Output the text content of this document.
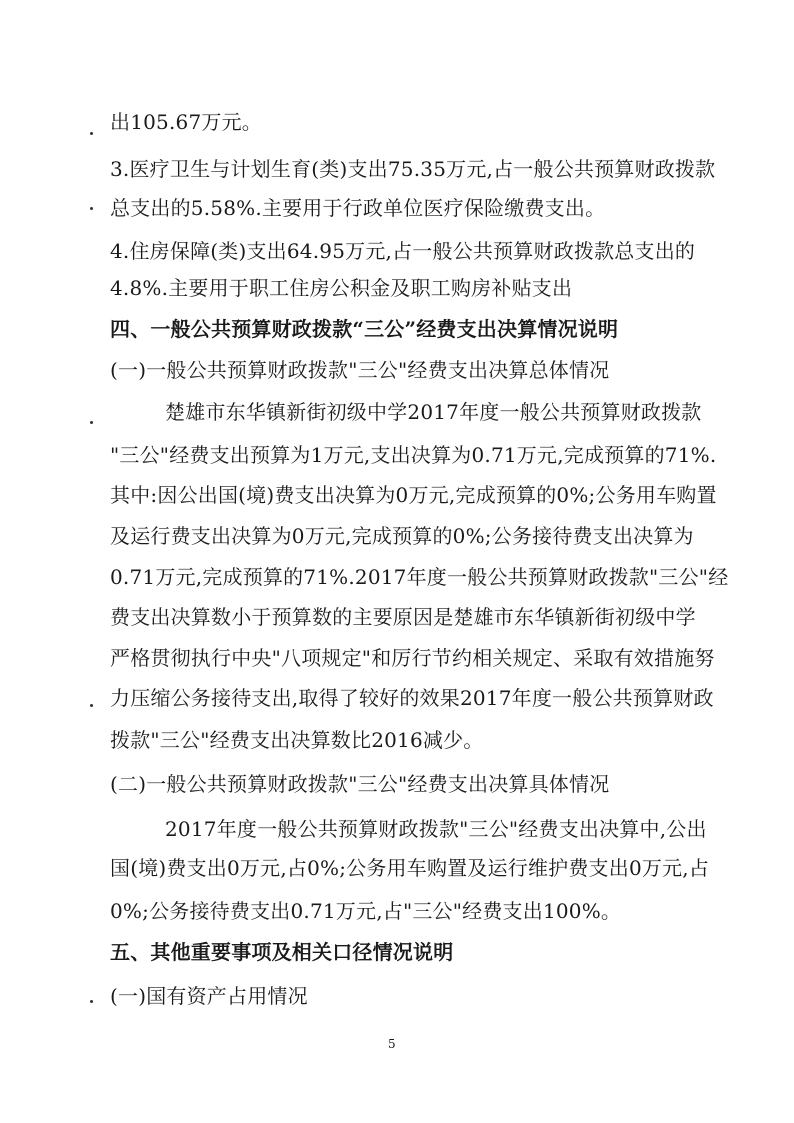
出105.67万元。
3.医疗卫生与计划生育(类)支出75.35万元,占一般公共预算财政拨款
总支出的5.58%.主要用于行政单位医疗保险缴费支出。
4.住房保障(类)支出64.95万元,占一般公共预算财政拨款总支出的
4.8%.主要用于职工住房公积金及职工购房补贴支出
四、一般公共预算财政拨款“三公”经费支出决算情况说明
(一)一般公共预算财政拨款"三公"经费支出决算总体情况
楚雄市东华镇新街初级中学2017年度一般公共预算财政拨款
"三公"经费支出预算为1万元,支出决算为0.71万元,完成预算的71%.
其中:因公出国(境)费支出决算为0万元,完成预算的0%;公务用车购置
及运行费支出决算为0万元,完成预算的0%;公务接待费支出决算为
0.71万元,完成预算的71%.2017年度一般公共预算财政拨款"三公"经
费支出决算数小于预算数的主要原因是楚雄市东华镇新街初级中学
严格贯彻执行中央"八项规定"和厉行节约相关规定、采取有效措施努
力压缩公务接待支出,取得了较好的效果2017年度一般公共预算财政
拨款"三公"经费支出决算数比2016减少。
(二)一般公共预算财政拨款"三公"经费支出决算具体情况
2017年度一般公共预算财政拨款"三公"经费支出决算中,公出
国(境)费支出0万元,占0%;公务用车购置及运行维护费支出0万元,占
0%;公务接待费支出0.71万元,占"三公"经费支出100%。
五、其他重要事项及相关口径情况说明
(一)国有资产占用情况
5
